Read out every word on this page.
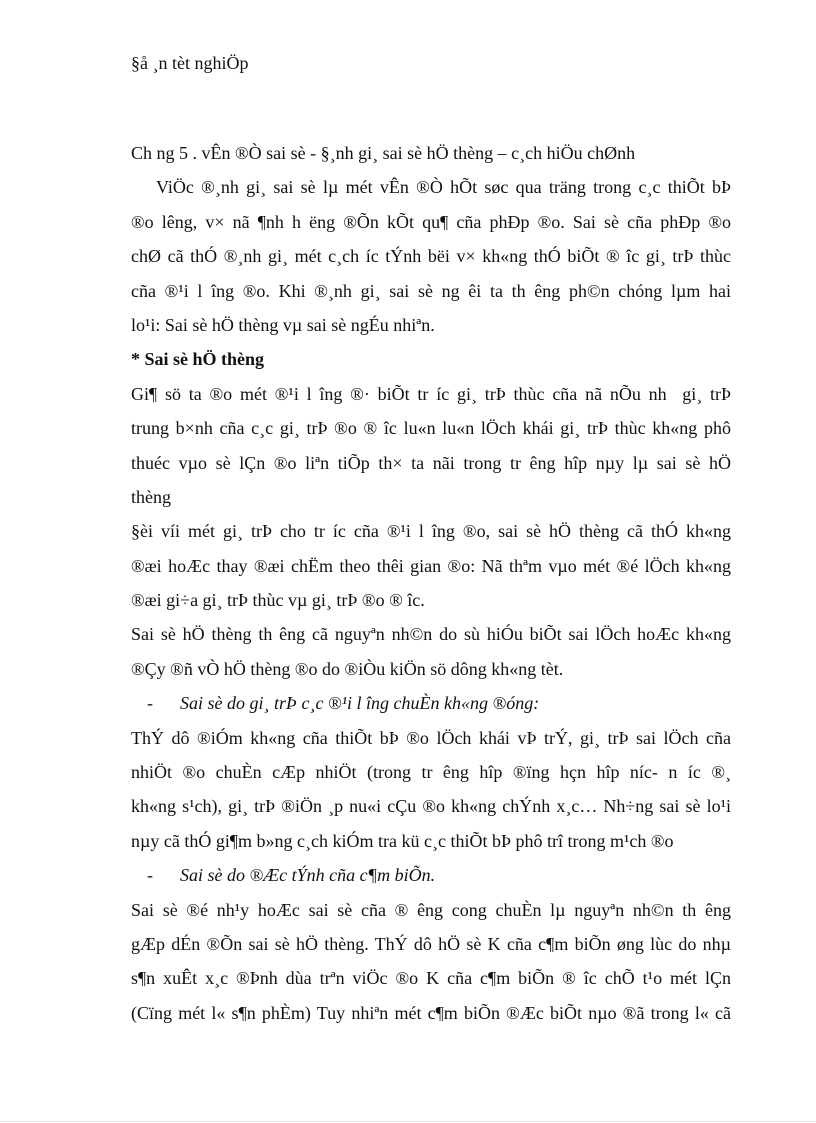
§å ¸n tèt nghiÖp
Ch ng 5 . vÊn ®Ò sai sè - §¸nh gi¸ sai sè hÖ thèng – c¸ch hiÖu chØnh
ViÖc ®¸nh gi¸ sai sè lµ mét vÊn ®Ò hÕt søc qua träng trong c¸c thiÕt bÞ
®o lêng, v× nã ¶nh h ëng ®Õn kÕt qu¶ cña phÐp ®o. Sai sè cña phÐp ®o
chØ cã thÓ ®¸nh gi¸ mét c¸ch íc tÝnh bëi v× kh«ng thÓ biÕt ® îc gi¸ trÞ thùc
cña ®¹i l îng ®o. Khi ®¸nh gi¸ sai sè ng êi ta th êng ph©n chóng lµm hai
lo¹i: Sai sè hÖ thèng vµ sai sè ngÉu nhiªn.
* Sai sè hÖ thèng
Gi¶ sö ta ®o mét ®¹i l îng ®· biÕt tr íc gi¸ trÞ thùc cña nã nÕu nh gi¸ trÞ
trung b×nh cña c¸c gi¸ trÞ ®o ® îc lu«n lu«n lÖch khái gi¸ trÞ thùc kh«ng phô
thuéc vµo sè lÇn ®o liªn tiÕp th× ta nãi trong tr êng hîp nµy lµ sai sè hÖ
thèng
§èi víi mét gi¸ trÞ cho tr íc cña ®¹i l îng ®o, sai sè hÖ thèng cã thÓ kh«ng
®æi hoÆc thay ®æi chËm theo thêi gian ®o: Nã thªm vµo mét ®é lÖch kh«ng
®æi gi÷a gi¸ trÞ thùc vµ gi¸ trÞ ®o ® îc.
Sai sè hÖ thèng th êng cã nguyªn nh©n do sù hiÓu biÕt sai lÖch hoÆc kh«ng
®Çy ®ñ vÒ hÖ thèng ®o do ®iÒu kiÖn sö dông kh«ng tèt.
- Sai sè do gi¸ trÞ c¸c ®¹i l îng chuÈn kh«ng ®óng:
ThÝ dô ®iÓm kh«ng cña thiÕt bÞ ®o lÖch khái vÞ trÝ, gi¸ trÞ sai lÖch cña
nhiÖt ®o chuÈn cÆp nhiÖt (trong tr êng hîp ®ïng hçn hîp níc- n íc ®¸
kh«ng s¹ch), gi¸ trÞ ®iÖn ¸p nu«i cÇu ®o kh«ng chÝnh x¸c… Nh÷ng sai sè lo¹i
nµy cã thÓ gi¶m b»ng c¸ch kiÓm tra kü c¸c thiÕt bÞ phô trî trong m¹ch ®o
- Sai sè do ®Æc tÝnh cña c¶m biÕn.
Sai sè ®é nh¹y hoÆc sai sè cña ® êng cong chuÈn lµ nguyªn nh©n th êng
gÆp dÉn ®Õn sai sè hÖ thèng. ThÝ dô hÖ sè K cña c¶m biÕn øng lùc do nhµ
s¶n xuÊt x¸c ®Þnh dùa trªn viÖc ®o K cña c¶m biÕn ® îc chÕ t¹o mét lÇn
(Cïng mét l« s¶n phÈm) Tuy nhiªn mét c¶m biÕn ®Æc biÕt nµo ®ã trong l« cã
